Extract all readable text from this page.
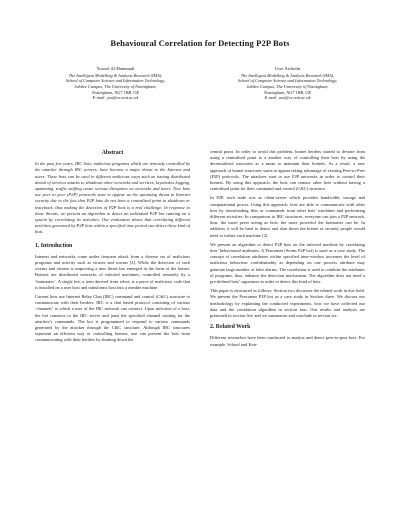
Behavioural Correlation for Detecting P2P Bots
Yousof Al-Hammadi
The Intelligent Modelling & Analysis Research (IMA),
School of Computer Science and Information Technology,
Jubilee Campus, The University of Nottingham,
Nottingham, NG7 1BB, UK
E-mail: yxa@cs.nott.ac.uk
Uwe Aickelin
The Intelligent Modelling & Analysis Research (IMA),
School of Computer Science and Information Technology,
Jubilee Campus, The University of Nottingham,
Nottingham, NG7 1BB, UK
E-mail: uxa@cs.nott.ac.uk
Abstract
In the past few years, IRC bots, malicious programs which are remotely controlled by the attacker through IRC servers, have become a major threat to the Internet and users. These bots can be used in different malicious ways such as issuing distributed denial of services attacks to shutdown other networks and services, keystrokes logging, spamming, traffic sniffing cause serious disruption on networks and users. New bots use peer to peer (P2P) protocols start to appear as the upcoming threat to Internet security due to the fact that P2P bots do not have a centralized point to shutdown or traceback, thus making the detection of P2P bots is a real challenge. In response to these threats, we present an algorithm to detect an individual P2P bot running on a system by correlating its activities. Our evaluation shows that correlating different activities generated by P2P bots within a specified time period can detect these kind of bots.
1. Introduction

Internet and networks come under frequent attack from a diverse set of malicious programs and activity such as viruses and worms [3]. While the detection of such worms and viruses is improving a new threat has emerged in the form of the botnet. Botnets are distributed networks of infected machines, controlled remotely by a ‘botmaster’. A single bot, a term derived from robot, is a piece of malicious code that is installed on a user host and transforms host into a zombie machine.

Current bots use Internet Relay Chat (IRC) command and control (C&C) structure to communicate with their herders. IRC is a chat based protocol consisting of various ‘channels’ to which a user of the IRC network can connect. Upon infection of a host, the bot connects to the IRC server and joins the specified channel waiting for the attacker’s commands. The bot is programmed to respond to various commands generated by the attacker through the C&C structure. Although IRC structures represent an efficient way of controlling botnets, one can prevent the bots from communicating with their herders by shutting down the

central point. In order to avoid this problem, botnet herders started to deviate from using a centralised point to a another way of controlling their bots by using the decentralised structures as a mean to maintain their botnets. As a result, a new approach of botnet structures starts to appear taking advantage of existing Peer-to-Peer (P2P) protocols. The attackers start to use P2P networks in order to control their botnets. By using this approach, the bots can contact other bots without having a centralised point for their command and control (C&C) structure.

In P2P, each node acts as client-server which provides bandwidth, storage and computational power. Using this approach, bots are able to communicate with other bots by downloading files or commands from other bots’ machines and performing different activities. In comparison to IRC structures, everyone can join a P2P network, thus, the more peers acting as bots, the more powerful the botmaster can be. In addition, it will be hard to detect and shut down the botnet as security people would need to isolate each machine [2].

We present an algorithm to detect P2P bots on the infected machine by correlating bots’ behavioural attributes. A Peacomm (Storm P2P bot) is used as a case study. The concept of correlation attributes within specified time-window increases the level of malicious behaviour confidentiality as depending on one process attribute may generate large number of false alarms. The correlation is used to combine the attributes of programs, thus, enhance the detection mechanism. The algorithm does not need a pre-defined bots’ signatures in order to detect this kind of bots.

This paper is structured as follows: Section two discusses the related work in this field. We present the Peacomm P2P bot as a case study in Section three. We discuss our methodology by explaining the conducted experiments, how we have collected our data and the correlation algorithm in section four. Our results and analysis are presented in section five and we summarise and conclude in section six.

2. Related Work

Different researches have been conducted to analyse and detect peer-to-peer bots. For example, Schoof and Ken-
